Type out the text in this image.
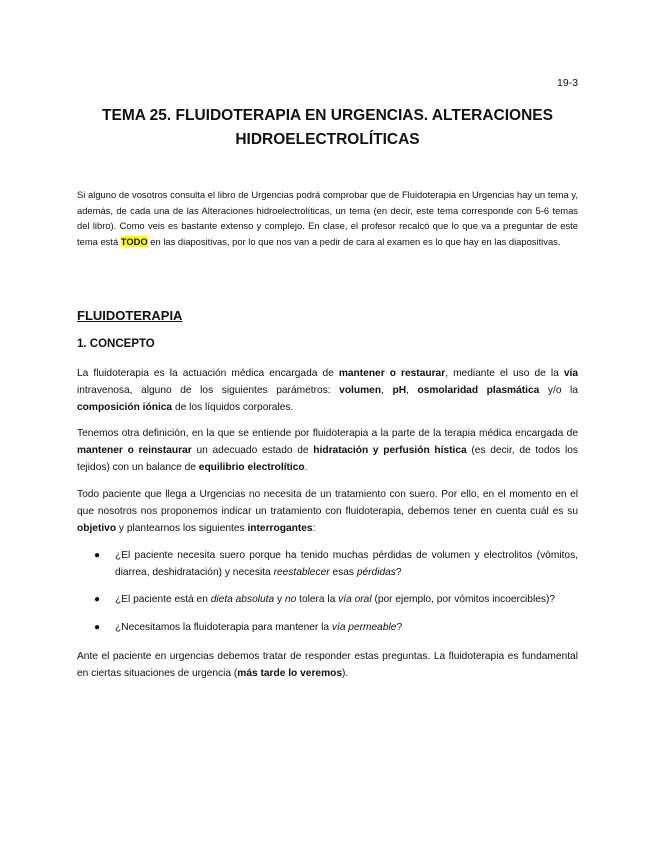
19-3
TEMA 25. FLUIDOTERAPIA EN URGENCIAS. ALTERACIONES
HIDROELECTROLÍTICAS

Si alguno de vosotros consulta el libro de Urgencias podrá comprobar que de Fluidoterapia en Urgencias hay un tema y, además, de cada una de las Alteraciones hidroelectrolíticas, un tema (en decir, este tema corresponde con 5-6 temas del libro). Como veis es bastante extenso y complejo. En clase, el profesor recalcó que lo que va a preguntar de este tema está TODO en las diapositivas, por lo que nos van a pedir de cara al examen es lo que hay en las diapositivas.

FLUIDOTERAPIA
1. CONCEPTO

La fluidoterapia es la actuación médica encargada de mantener o restaurar, mediante el uso de la vía intravenosa, alguno de los siguientes parámetros: volumen, pH, osmolaridad plasmática y/o la composición iónica de los líquidos corporales.

Tenemos otra definición, en la que se entiende por fluidoterapia a la parte de la terapia médica encargada de mantener o reinstaurar un adecuado estado de hidratación y perfusión hística (es decir, de todos los tejidos) con un balance de equilibrio electrolítico.

Todo paciente que llega a Urgencias no necesita de un tratamiento con suero. Por ello, en el momento en el que nosotros nos proponemos indicar un tratamiento con fluidoterapia, debemos tener en cuenta cuál es su objetivo y plantearnos los siguientes interrogantes:

● ¿El paciente necesita suero porque ha tenido muchas pérdidas de volumen y electrolitos (vómitos, diarrea, deshidratación) y necesita reestablecer esas pérdidas?
● ¿El paciente está en dieta absoluta y no tolera la vía oral (por ejemplo, por vómitos incoercibles)?
● ¿Necesitamos la fluidoterapia para mantener la vía permeable?

Ante el paciente en urgencias debemos tratar de responder estas preguntas. La fluidoterapia es fundamental en ciertas situaciones de urgencia (más tarde lo veremos).
